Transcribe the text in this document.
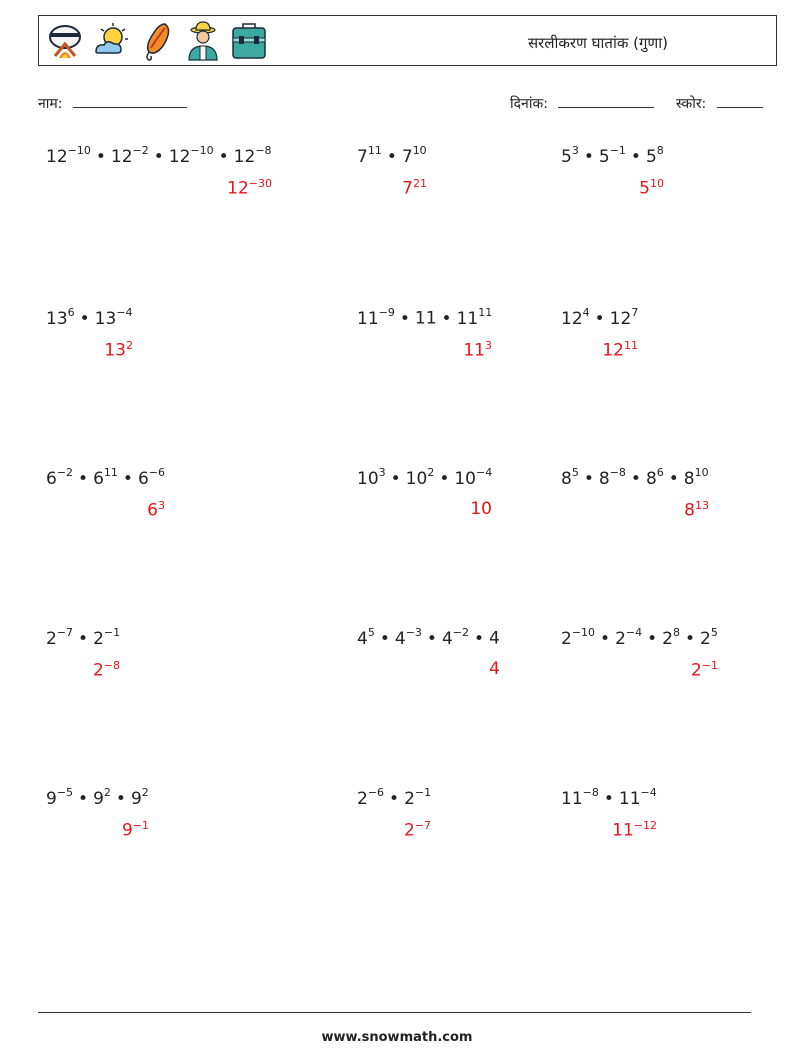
सरलीकरण घातांक (गुणा)
नाम:	दिनांक:	स्कोर:
$12^{-10}$ • $12^{-2}$ • $12^{-10}$ • $12^{-8}$
$12^{-30}$
$7^{11}$ • $7^{10}$
$7^{21}$
$5^3$ • $5^{-1}$ • $5^8$
$5^{10}$
$13^6$ • $13^{-4}$
$13^2$
$11^{-9}$ • 11 • $11^{11}$
$11^3$
$12^4$ • $12^7$
$12^{11}$
$6^{-2}$ • $6^{11}$ • $6^{-6}$
$6^3$
$10^3$ • $10^2$ • $10^{-4}$
10
$8^5$ • $8^{-8}$ • $8^6$ • $8^{10}$
$8^{13}$
$2^{-7}$ • $2^{-1}$
$2^{-8}$
$4^5$ • $4^{-3}$ • $4^{-2}$ • 4
4
$2^{-10}$ • $2^{-4}$ • $2^8$ • $2^5$
$2^{-1}$
$9^{-5}$ • $9^2$ • $9^2$
$9^{-1}$
$2^{-6}$ • $2^{-1}$
$2^{-7}$
$11^{-8}$ • $11^{-4}$
$11^{-12}$
www.snowmath.com
